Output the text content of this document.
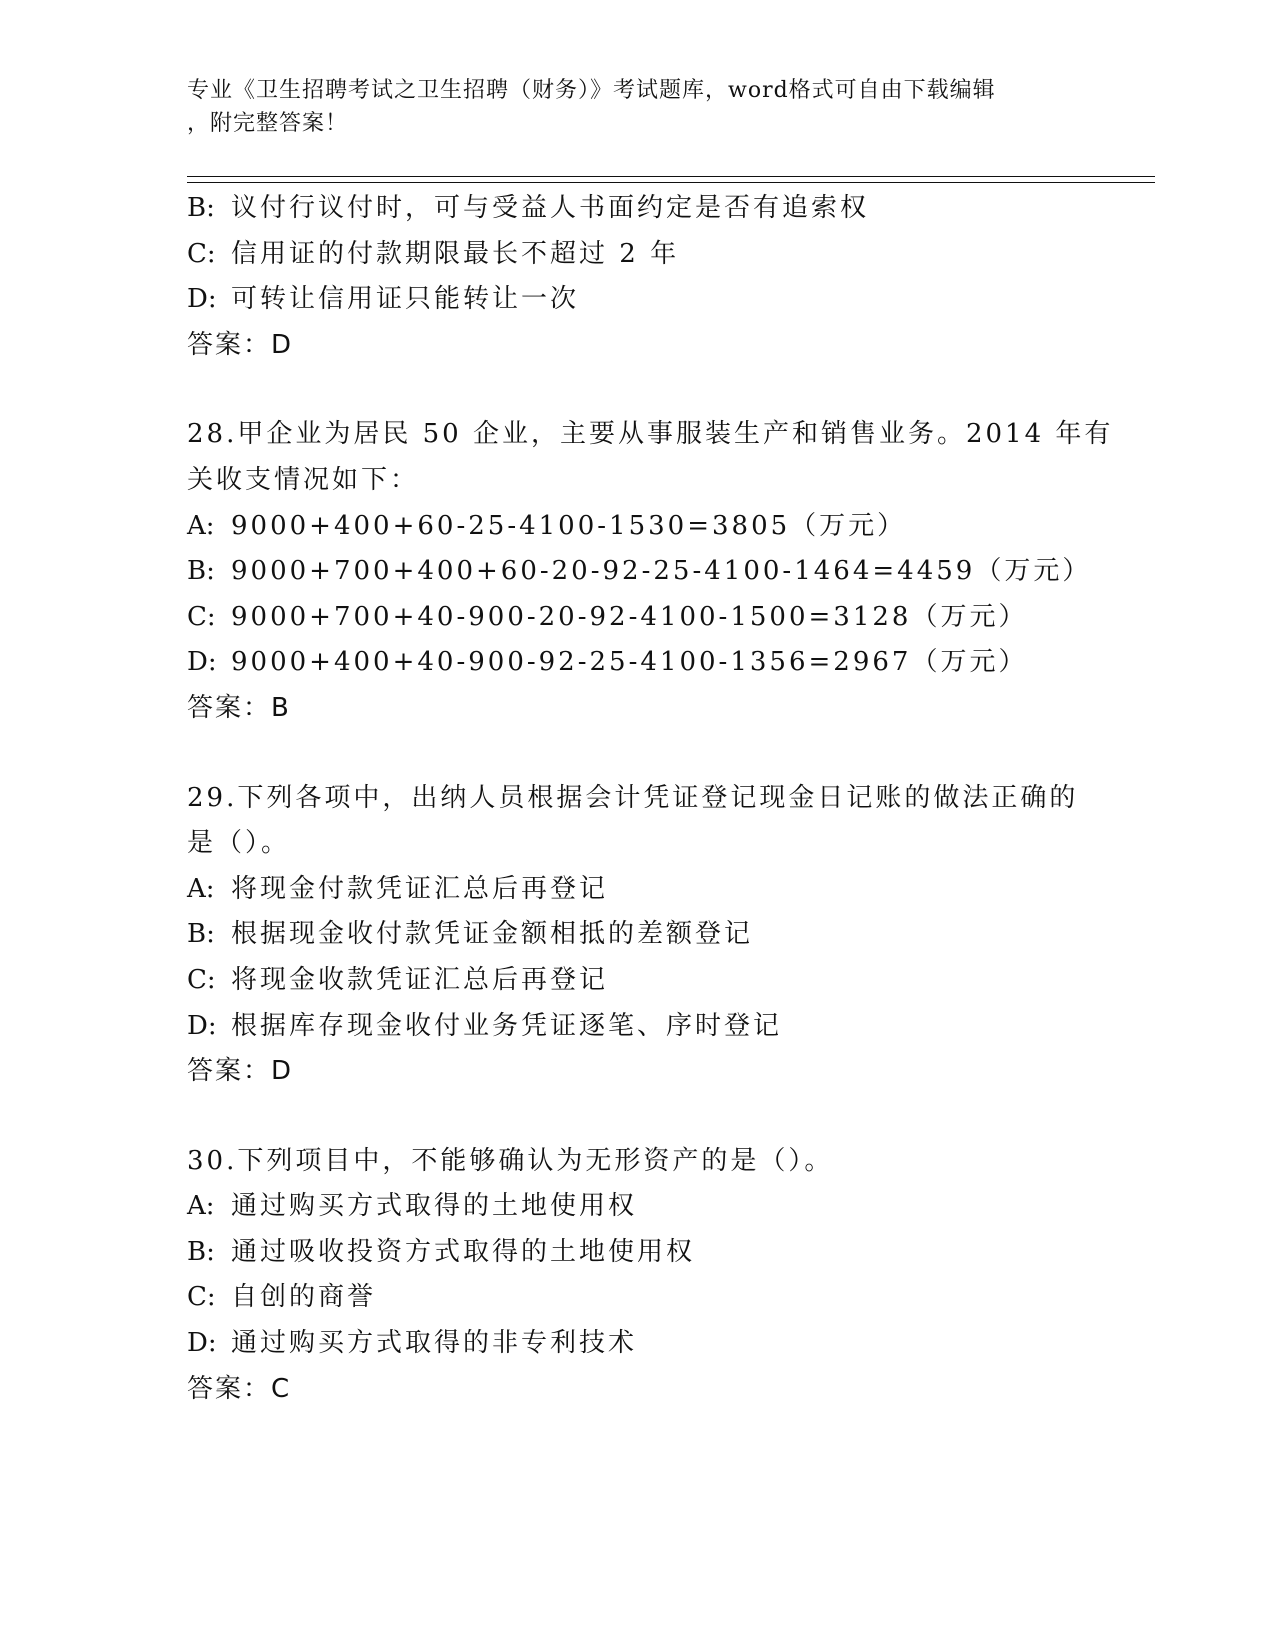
专业《卫生招聘考试之卫生招聘（财务）》考试题库，word格式可自由下载编辑
，附完整答案！
B: 议付行议付时，可与受益人书面约定是否有追索权
C: 信用证的付款期限最长不超过 2 年
D: 可转让信用证只能转让一次
答案：D
28.甲企业为居民 50 企业，主要从事服装生产和销售业务。2014 年有
关收支情况如下：
A: 9000+400+60-25-4100-1530=3805（万元）
B: 9000+700+400+60-20-92-25-4100-1464=4459（万元）
C: 9000+700+40-900-20-92-4100-1500=3128（万元）
D: 9000+400+40-900-92-25-4100-1356=2967（万元）
答案：B
29.下列各项中，出纳人员根据会计凭证登记现金日记账的做法正确的
是（）。
A: 将现金付款凭证汇总后再登记
B: 根据现金收付款凭证金额相抵的差额登记
C: 将现金收款凭证汇总后再登记
D: 根据库存现金收付业务凭证逐笔、序时登记
答案：D
30.下列项目中，不能够确认为无形资产的是（）。
A: 通过购买方式取得的土地使用权
B: 通过吸收投资方式取得的土地使用权
C: 自创的商誉
D: 通过购买方式取得的非专利技术
答案：C
